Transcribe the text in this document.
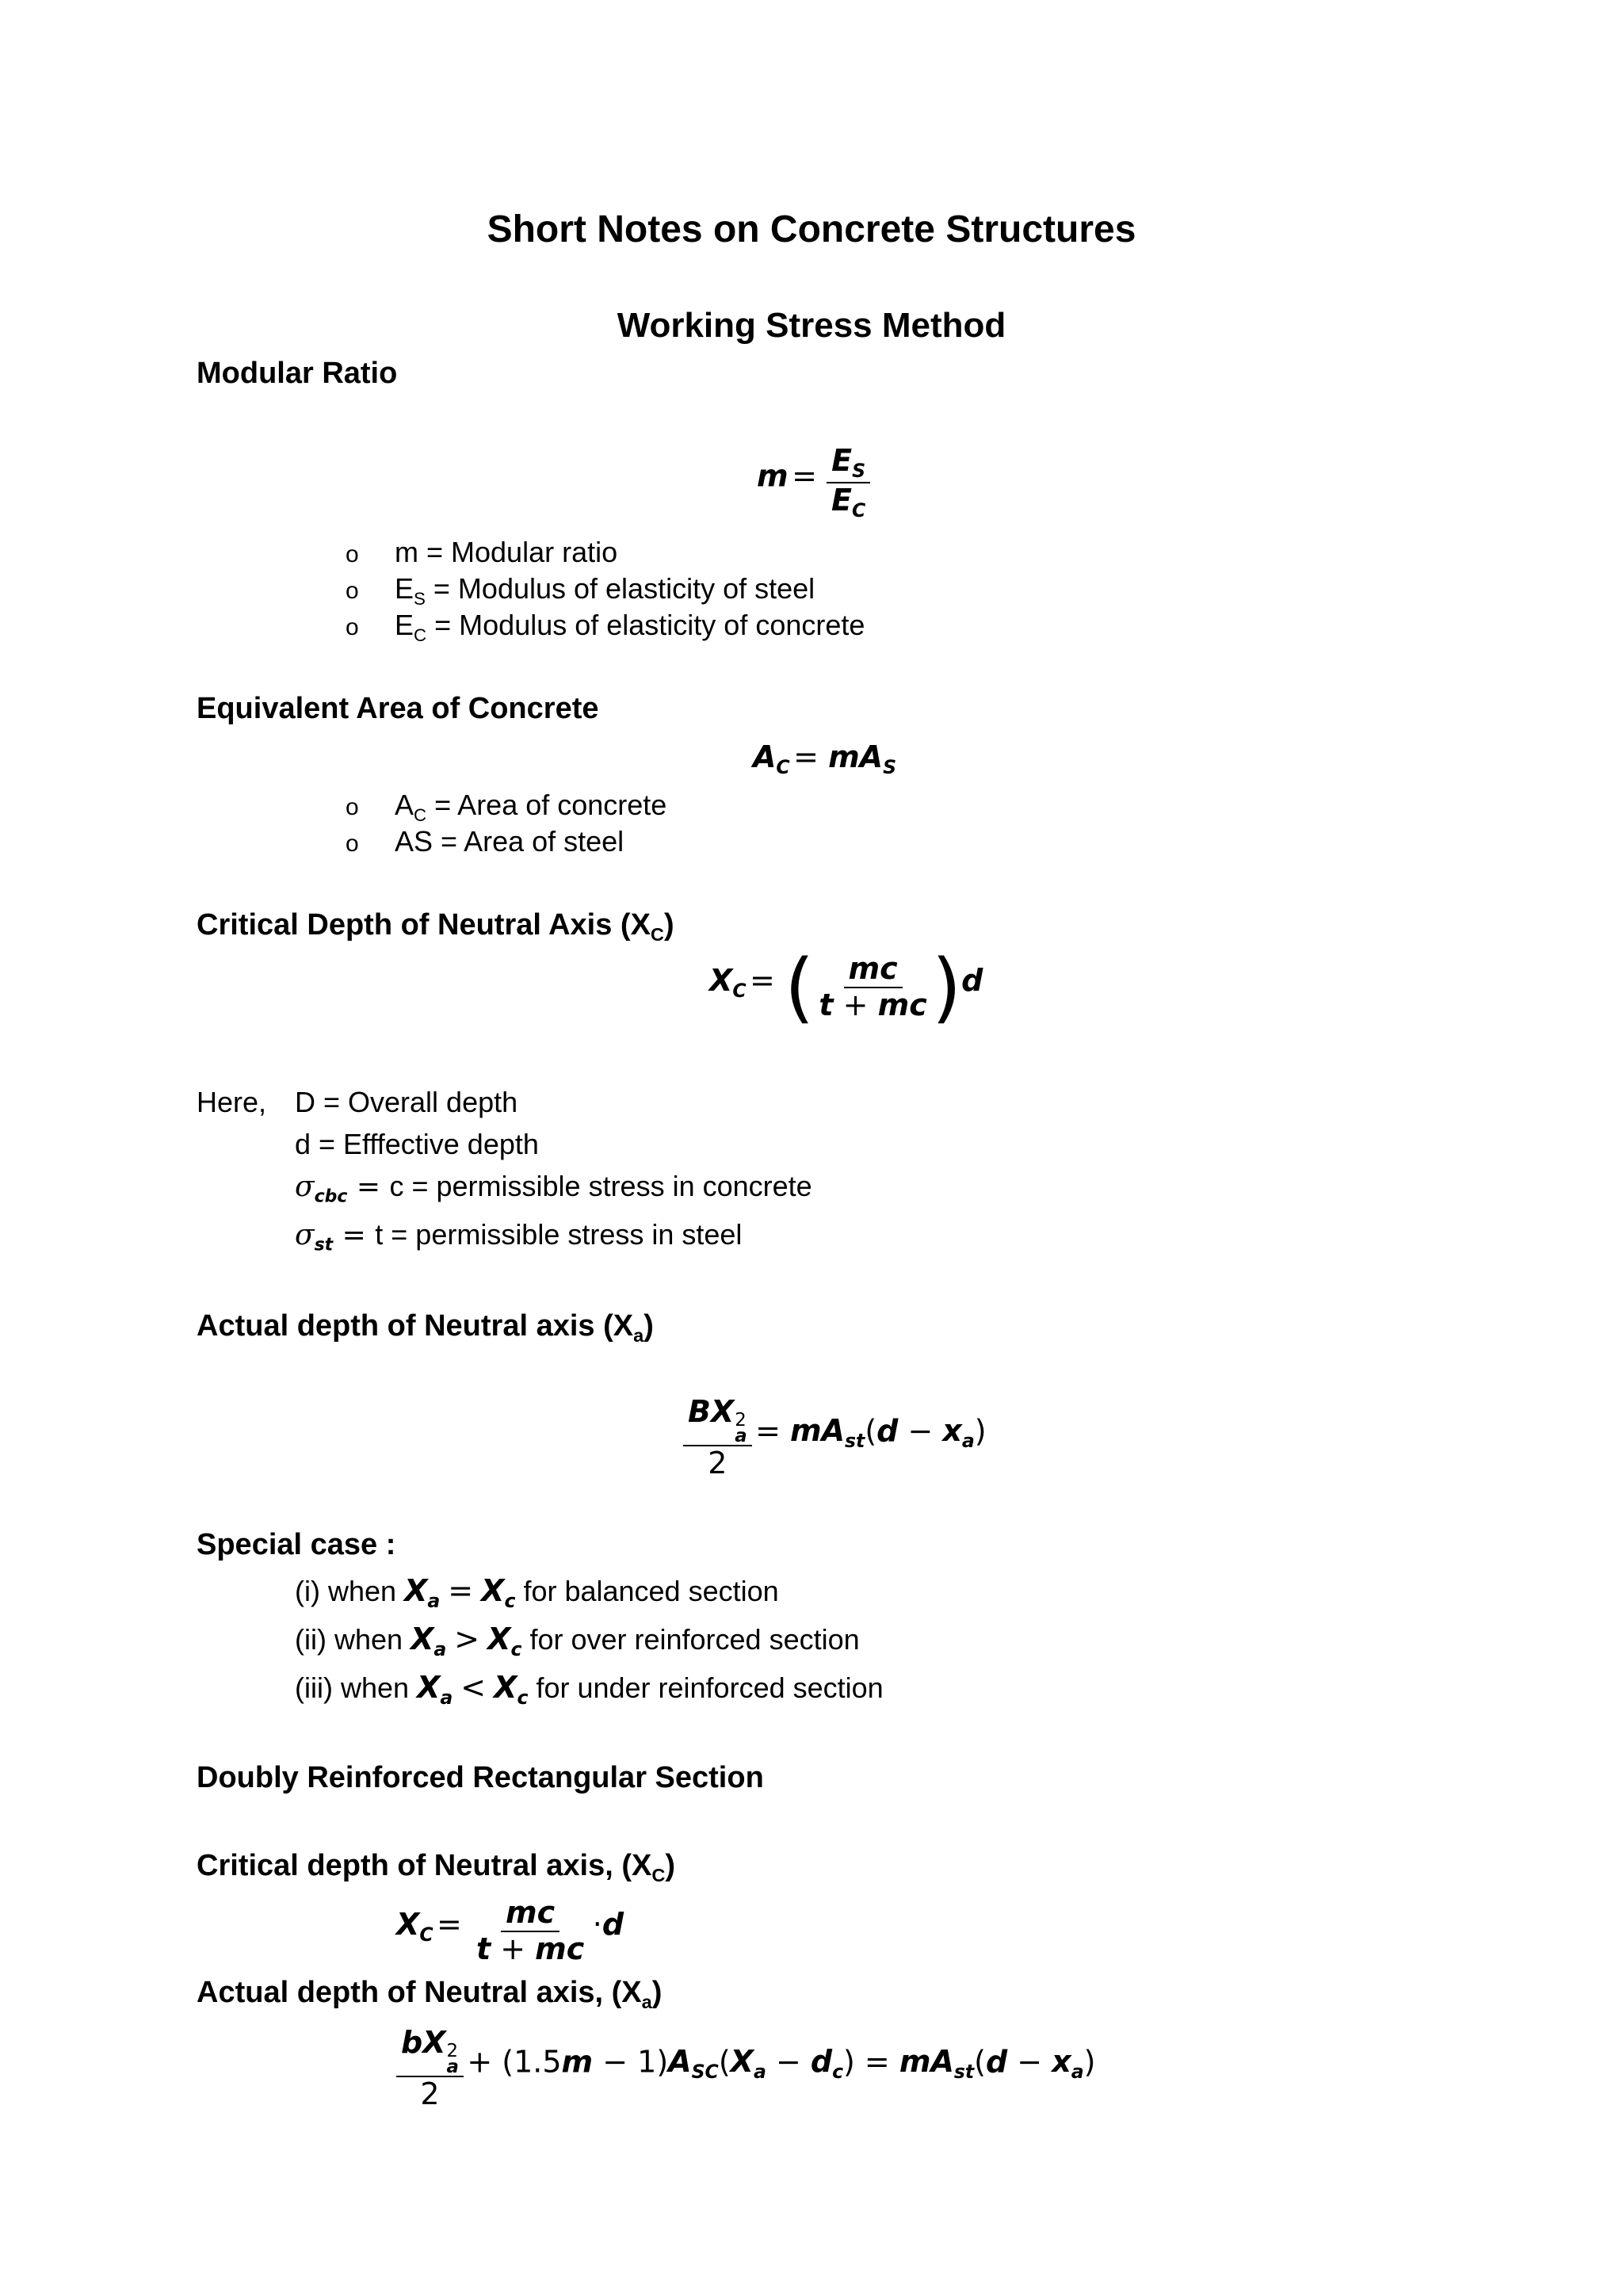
Short Notes on Concrete Structures
Working Stress Method
Modular Ratio
$m = \frac{E_S}{E_C}$
o m = Modular ratio
o $E_S$ = Modulus of elasticity of steel
o $E_C$ = Modulus of elasticity of concrete
Equivalent Area of Concrete
$A_C = mA_S$
o $A_C$ = Area of concrete
o AS = Area of steel
Critical Depth of Neutral Axis $(X_C)$
$X_C$ = ( $\frac{mc}{t + mc} )d$
Here, D = Overall depth
d = Efffective depth
$\sigma_{cbc} = c$ = permissible stress in concrete
$\sigma_{st} = t$ = permissible stress in steel
Actual depth of Neutral axis $(X_a)$
BX 2
a
$2 = mA_{st}(d - x_a)$
Special case :
(i) when $X_a = X_c$ for balanced section
(ii) when $X_a > X_c$ for over reinforced section
(iii) when $X_a < X_c$ for under reinforced section
Doubly Reinforced Rectangular Section
Critical depth of Neutral axis, $(X_C)$
$X_C = \frac{mc}{t + mc} \cdot d$
Actual depth of Neutral axis, $(X_a)$
bX 2
a
$2 + (1.5m - 1)A_{SC}(X_a - d_c) = mA_{st}(d - x_a)$
